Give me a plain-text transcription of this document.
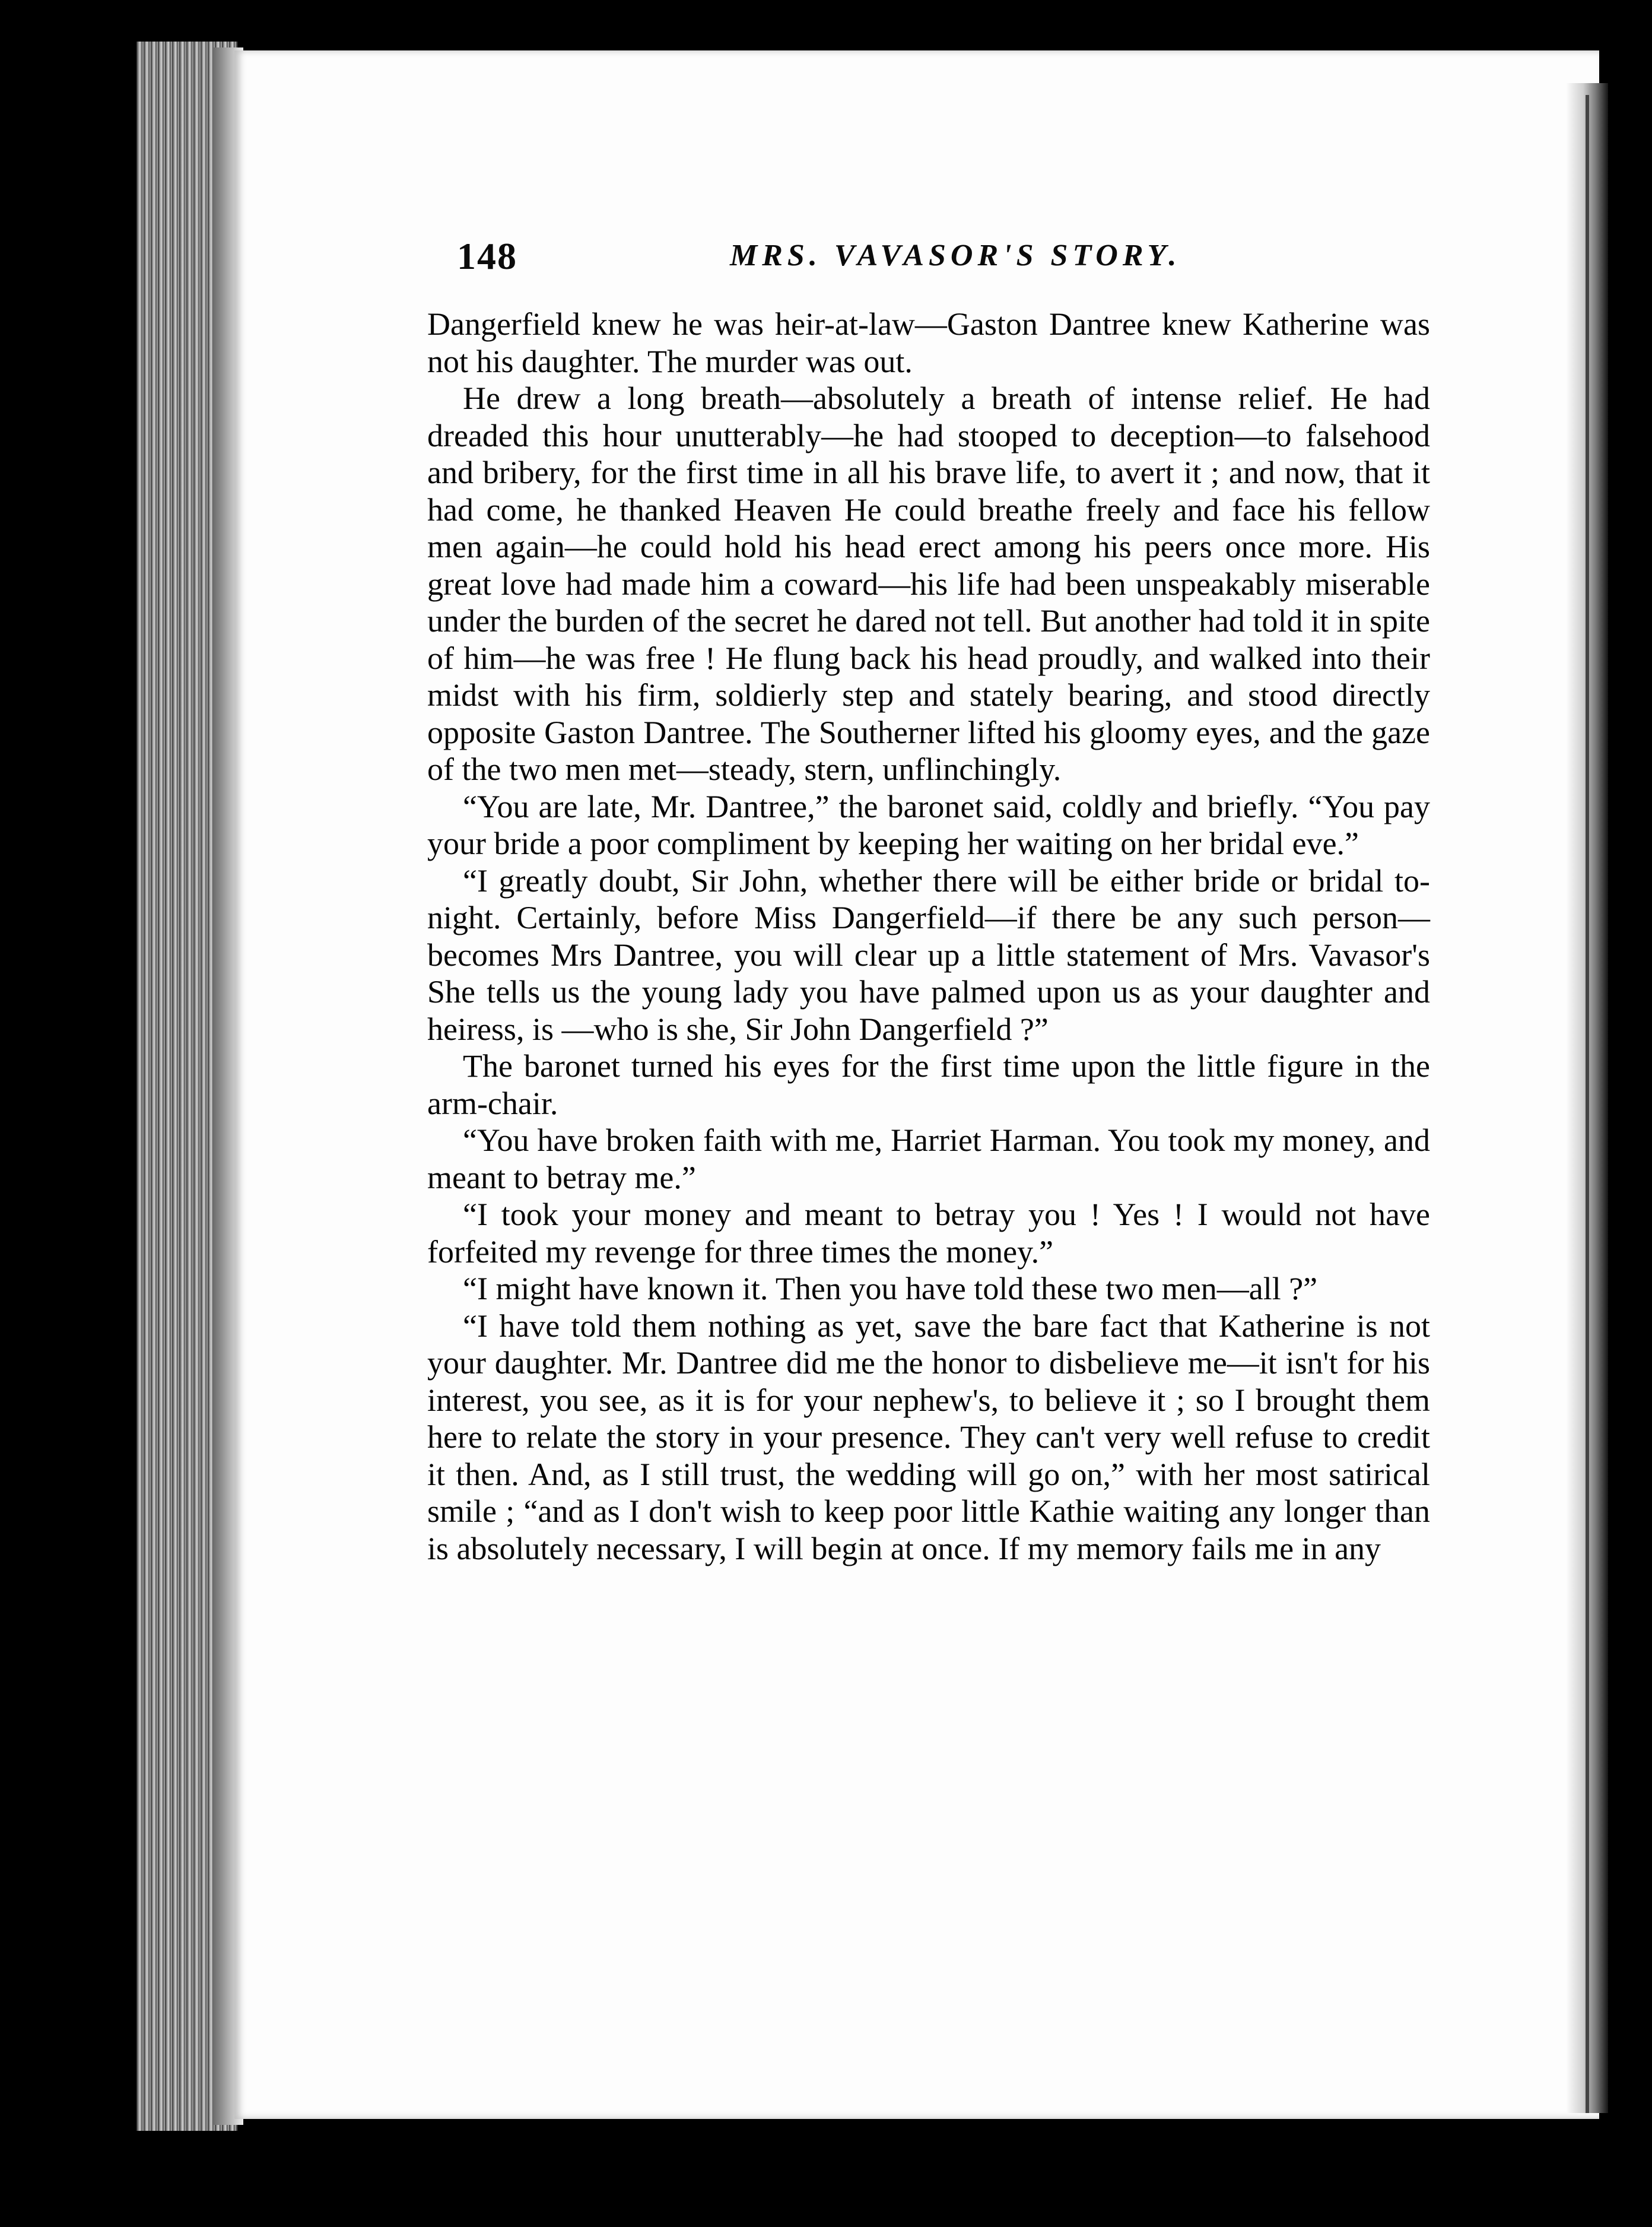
148	MRS. VAVASOR'S STORY.

Dangerfield knew he was heir-at-law—Gaston Dantree knew Katherine was not his daughter. The murder was out.

He drew a long breath—absolutely a breath of intense relief. He had dreaded this hour unutterably—he had stooped to deception—to falsehood and bribery, for the first time in all his brave life, to avert it ; and now, that it had come, he thanked Heaven He could breathe freely and face his fellow men again—he could hold his head erect among his peers once more. His great love had made him a coward—his life had been unspeakably miserable under the burden of the secret he dared not tell. But another had told it in spite of him—he was free ! He flung back his head proudly, and walked into their midst with his firm, soldierly step and stately bearing, and stood directly opposite Gaston Dantree. The Southerner lifted his gloomy eyes, and the gaze of the two men met—steady, stern, unflinchingly.

“You are late, Mr. Dantree,” the baronet said, coldly and briefly. “You pay your bride a poor compliment by keeping her waiting on her bridal eve.”

“I greatly doubt, Sir John, whether there will be either bride or bridal to-night. Certainly, before Miss Dangerfield—if there be any such person—becomes Mrs Dantree, you will clear up a little statement of Mrs. Vavasor's She tells us the young lady you have palmed upon us as your daughter and heiress, is —who is she, Sir John Dangerfield ?”

The baronet turned his eyes for the first time upon the little figure in the arm-chair.

“You have broken faith with me, Harriet Harman. You took my money, and meant to betray me.”

“I took your money and meant to betray you ! Yes ! I would not have forfeited my revenge for three times the money.”

“I might have known it. Then you have told these two men—all ?”

“I have told them nothing as yet, save the bare fact that Katherine is not your daughter. Mr. Dantree did me the honor to disbelieve me—it isn't for his interest, you see, as it is for your nephew's, to believe it ; so I brought them here to relate the story in your presence. They can't very well refuse to credit it then. And, as I still trust, the wedding will go on,” with her most satirical smile ; “and as I don't wish to keep poor little Kathie waiting any longer than is absolutely necessary, I will begin at once. If my memory fails me in any
